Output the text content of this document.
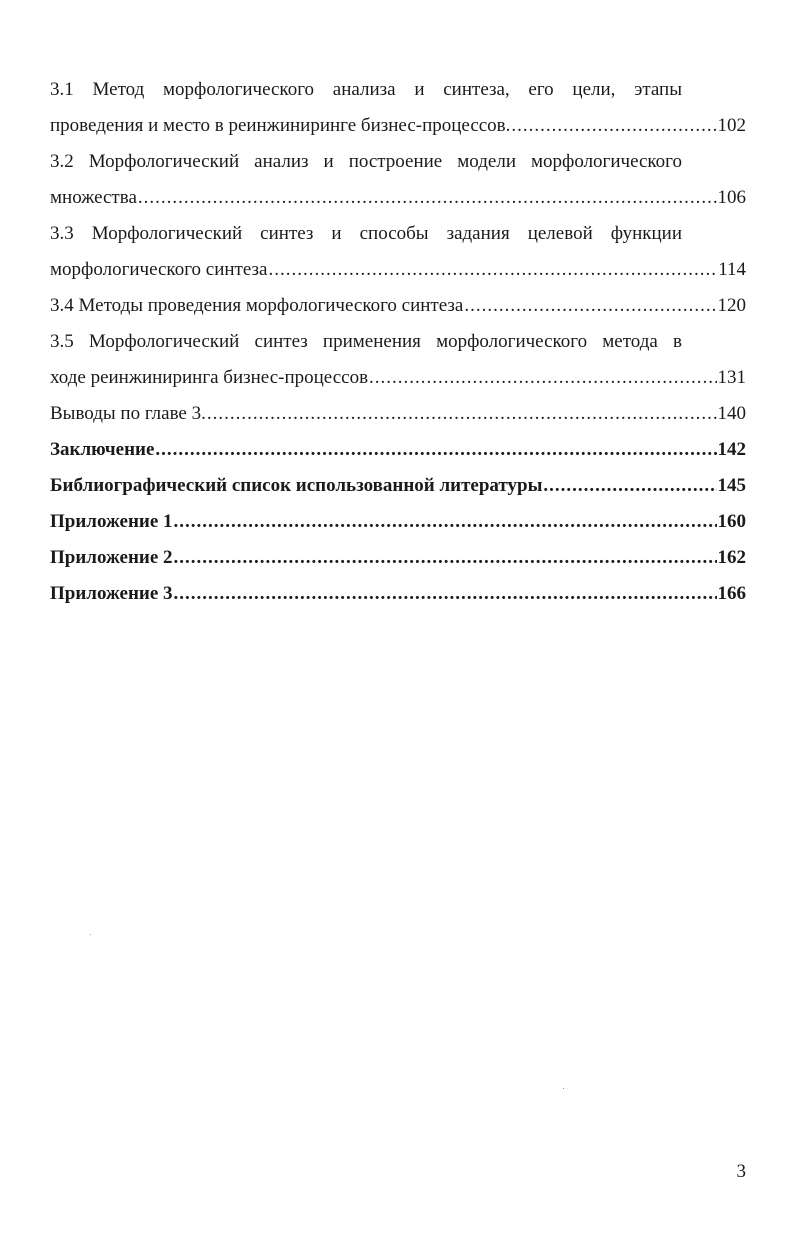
3.1 Метод морфологического анализа и синтеза, его цели, этапы
проведения и место в реинжиниринге бизнес-процессов. .....	102
3.2 Морфологический анализ и построение модели морфологического
множества .....	106
3.3 Морфологический синтез и способы задания целевой функции
морфологического синтеза .....	114
3.4 Методы проведения морфологического синтеза .....	120
3.5 Морфологический синтез применения морфологического метода в
ходе реинжиниринга бизнес-процессов .....	131
Выводы по главе 3. .....	140
Заключение .....	142
Библиографический список использованной литературы .....	145
Приложение 1 .....	160
Приложение 2 .....	162
Приложение 3 .....	166
3
